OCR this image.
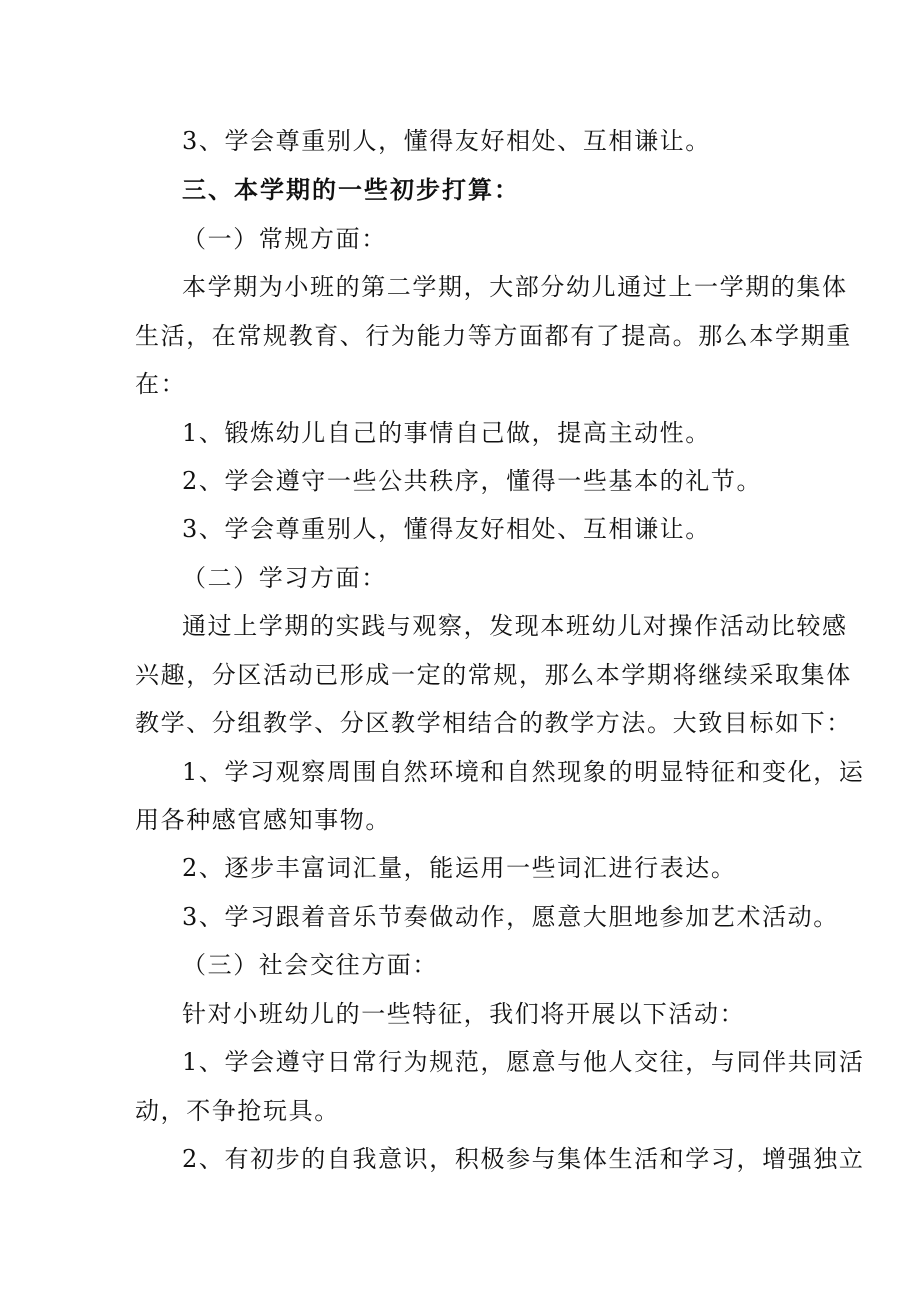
3、学会尊重别人，懂得友好相处、互相谦让。
三、本学期的一些初步打算：
（一）常规方面：
本学期为小班的第二学期，大部分幼儿通过上一学期的集体
生活，在常规教育、行为能力等方面都有了提高。那么本学期重
在：
1、锻炼幼儿自己的事情自己做，提高主动性。
2、学会遵守一些公共秩序，懂得一些基本的礼节。
3、学会尊重别人，懂得友好相处、互相谦让。
（二）学习方面：
通过上学期的实践与观察，发现本班幼儿对操作活动比较感
兴趣，分区活动已形成一定的常规，那么本学期将继续采取集体
教学、分组教学、分区教学相结合的教学方法。大致目标如下：
1、学习观察周围自然环境和自然现象的明显特征和变化，运
用各种感官感知事物。
2、逐步丰富词汇量，能运用一些词汇进行表达。
3、学习跟着音乐节奏做动作，愿意大胆地参加艺术活动。
（三）社会交往方面：
针对小班幼儿的一些特征，我们将开展以下活动：
1、学会遵守日常行为规范，愿意与他人交往，与同伴共同活
动，不争抢玩具。
2、有初步的自我意识，积极参与集体生活和学习，增强独立
